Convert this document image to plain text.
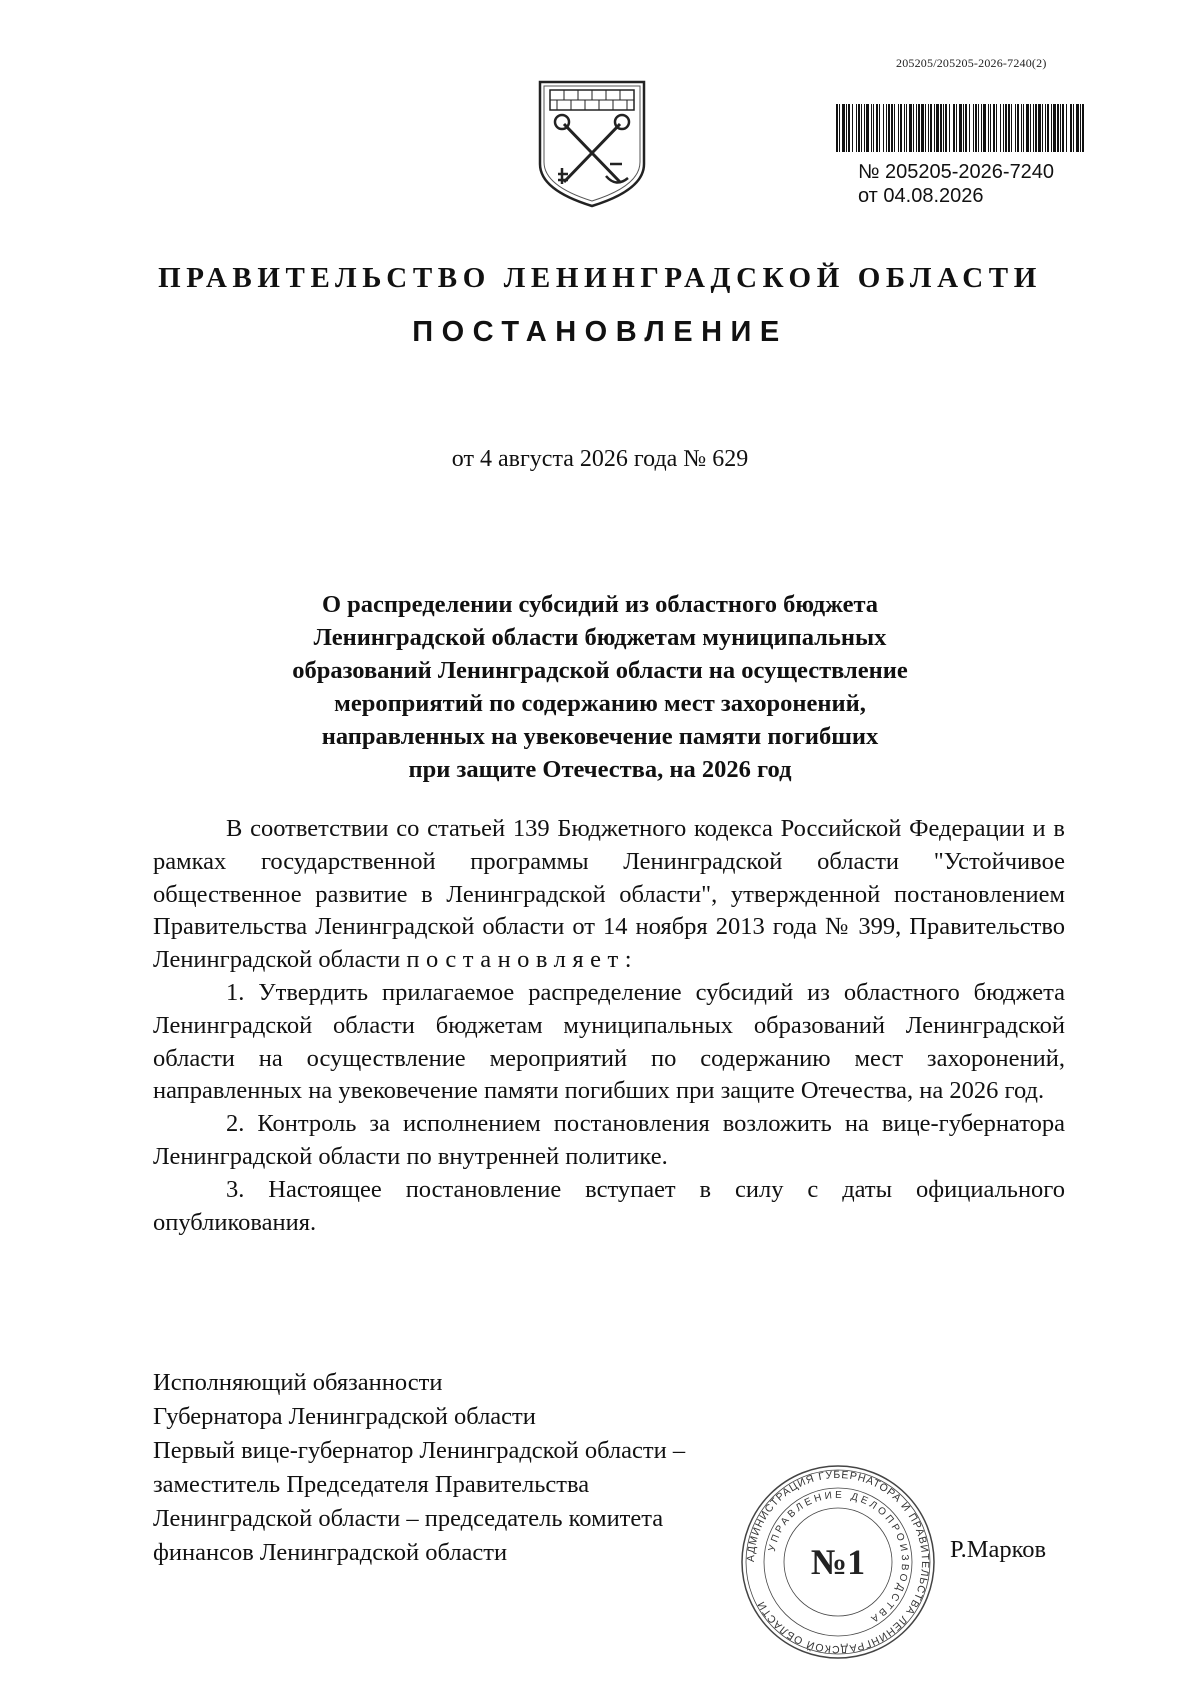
205205/205205-2026-7240(2)
№ 205205-2026-7240
от 04.08.2026
ПРАВИТЕЛЬСТВО ЛЕНИНГРАДСКОЙ ОБЛАСТИ
ПОСТАНОВЛЕНИЕ
от 4 августа 2026 года № 629
О распределении субсидий из областного бюджета
Ленинградской области бюджетам муниципальных
образований Ленинградской области на осуществление
мероприятий по содержанию мест захоронений,
направленных на увековечение памяти погибших
при защите Отечества, на 2026 год

В соответствии со статьей 139 Бюджетного кодекса Российской Федерации и в рамках государственной программы Ленинградской области "Устойчивое общественное развитие в Ленинградской области", утвержденной постановлением Правительства Ленинградской области от 14 ноября 2013 года № 399, Правительство Ленинградской области постановляет:

1. Утвердить прилагаемое распределение субсидий из областного бюджета Ленинградской области бюджетам муниципальных образований Ленинградской области на осуществление мероприятий по содержанию мест захоронений, направленных на увековечение памяти погибших при защите Отечества, на 2026 год.

2. Контроль за исполнением постановления возложить на вице-губернатора Ленинградской области по внутренней политике.

3. Настоящее постановление вступает в силу с даты официального опубликования.

Исполняющий обязанности
Губернатора Ленинградской области
Первый вице-губернатор Ленинградской области –
заместитель Председателя Правительства
Ленинградской области – председатель комитета
финансов Ленинградской области	АДМИНИСТРАЦИЯ ГУБЕРНАТОРА И ПРАВИТЕЛЬСТВА ЛЕНИНГРАДСКОЙ ОБЛАСТИ
УПРАВЛЕНИЕ ДЕЛОПРОИЗВОДСТВА
№1	Р.Марков
